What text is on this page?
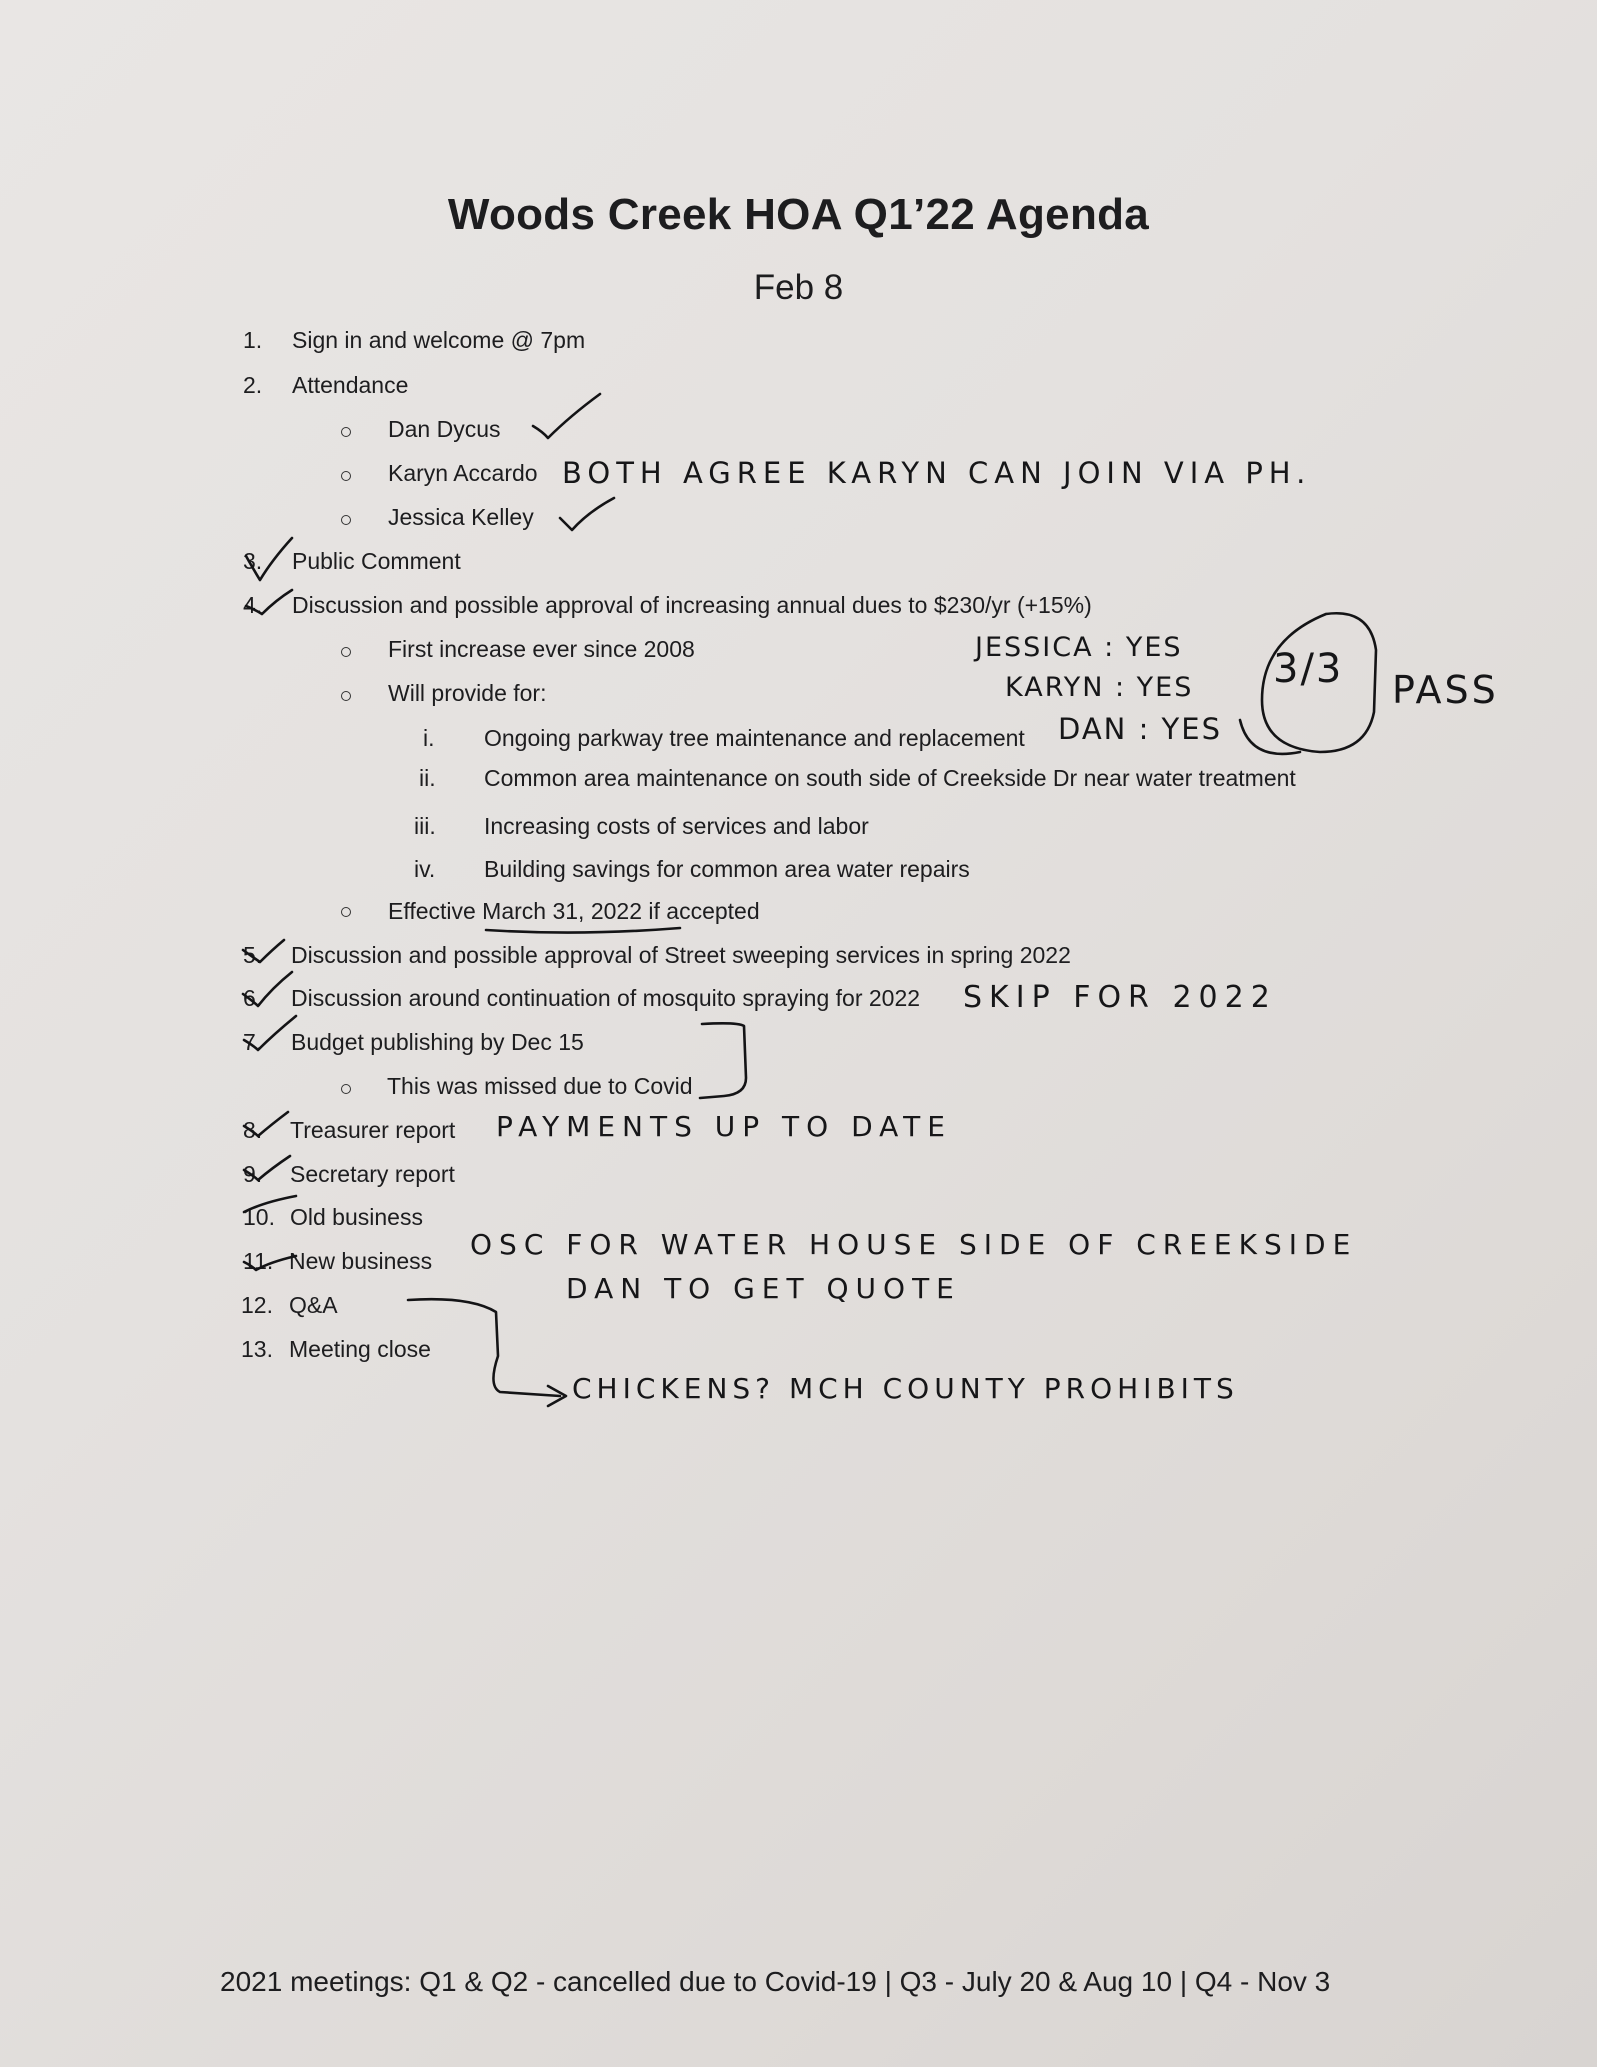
Woods Creek HOA Q1’22 Agenda
Feb 8
1. Sign in and welcome @ 7pm
2. Attendance
Dan Dycus
Karyn Accardo
Jessica Kelley
3. Public Comment
4. Discussion and possible approval of increasing annual dues to $230/yr (+15%)
First increase ever since 2008
Will provide for:
i. Ongoing parkway tree maintenance and replacement
ii. Common area maintenance on south side of Creekside Dr near water treatment
iii. Increasing costs of services and labor
iv. Building savings for common area water repairs
Effective March 31, 2022 if accepted
5. Discussion and possible approval of Street sweeping services in spring 2022
6. Discussion around continuation of mosquito spraying for 2022
7. Budget publishing by Dec 15
This was missed due to Covid
8. Treasurer report
9. Secretary report
10. Old business
11. New business
12. Q&A
13. Meeting close
BOTH AGREE KARYN CAN JOIN VIA PH.
JESSICA : YES
KARYN : YES
DAN : YES
3/3 PASS
SKIP FOR 2022
PAYMENTS UP TO DATE
OSC FOR WATER HOUSE SIDE OF CREEKSIDE
DAN TO GET QUOTE
CHICKENS? MCH COUNTY PROHIBITS
2021 meetings: Q1 & Q2 - cancelled due to Covid-19 | Q3 - July 20 & Aug 10 | Q4 - Nov 3
